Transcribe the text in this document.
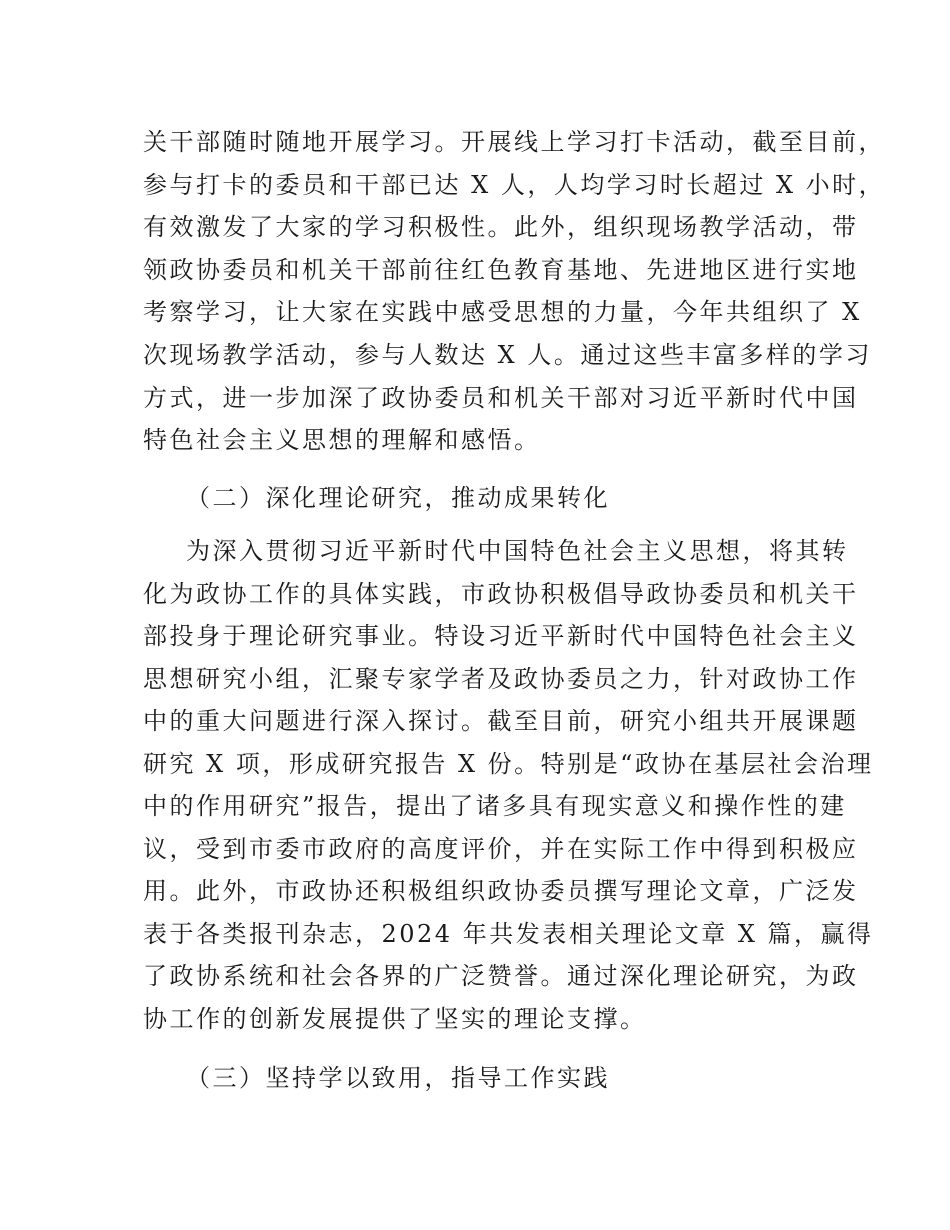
关干部随时随地开展学习。开展线上学习打卡活动，截至目前，
参与打卡的委员和干部已达 X 人，人均学习时长超过 X 小时，
有效激发了大家的学习积极性。此外，组织现场教学活动，带
领政协委员和机关干部前往红色教育基地、先进地区进行实地
考察学习，让大家在实践中感受思想的力量，今年共组织了 X
次现场教学活动，参与人数达 X 人。通过这些丰富多样的学习
方式，进一步加深了政协委员和机关干部对习近平新时代中国
特色社会主义思想的理解和感悟。
（二）深化理论研究，推动成果转化
为深入贯彻习近平新时代中国特色社会主义思想，将其转
化为政协工作的具体实践，市政协积极倡导政协委员和机关干
部投身于理论研究事业。特设习近平新时代中国特色社会主义
思想研究小组，汇聚专家学者及政协委员之力，针对政协工作
中的重大问题进行深入探讨。截至目前，研究小组共开展课题
研究 X 项，形成研究报告 X 份。特别是“政协在基层社会治理
中的作用研究”报告，提出了诸多具有现实意义和操作性的建
议，受到市委市政府的高度评价，并在实际工作中得到积极应
用。此外，市政协还积极组织政协委员撰写理论文章，广泛发
表于各类报刊杂志，2024 年共发表相关理论文章 X 篇，赢得
了政协系统和社会各界的广泛赞誉。通过深化理论研究，为政
协工作的创新发展提供了坚实的理论支撑。
（三）坚持学以致用，指导工作实践
